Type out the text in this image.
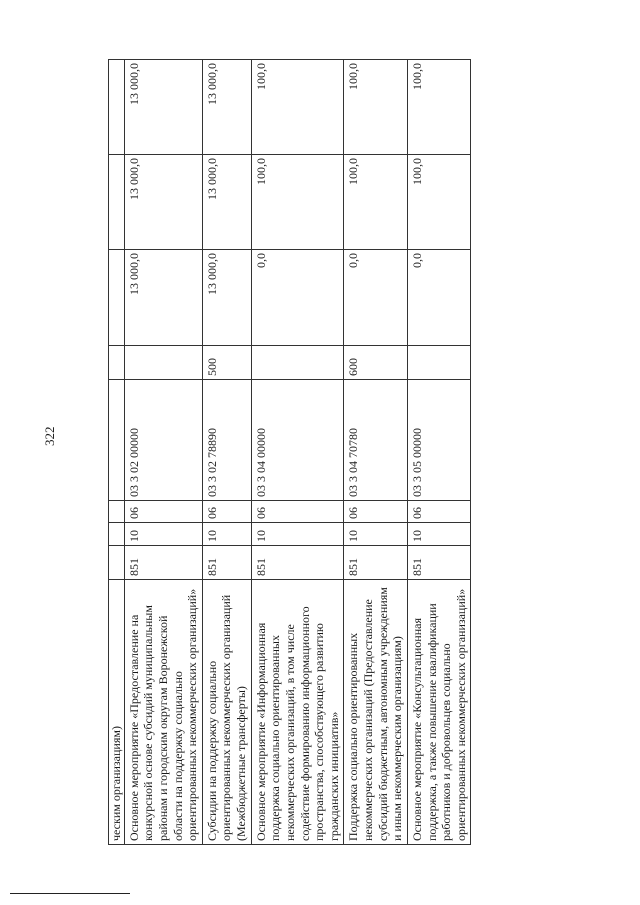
322
ческим организациям)								
Основное мероприятие «Предоставление на конкурсной основе субсидий муниципальным районам и городским округам Воронежской области на поддержку социально ориентированных некоммерческих организаций»	851	10	06	03 3 02 00000		13 000,0	13 000,0	13 000,0
Субсидии на поддержку социально ориентированных некоммерческих организаций (Межбюджетные трансферты)	851	10	06	03 3 02 78890	500	13 000,0	13 000,0	13 000,0
Основное мероприятие «Информационная поддержка социально ориентированных некоммерческих организаций, в том числе содействие формированию информационного пространства, способствующего развитию гражданских инициатив»	851	10	06	03 3 04 00000		0,0	100,0	100,0
Поддержка социально ориентированных некоммерческих организаций (Предоставление субсидий бюджетным, автономным учреждениям и иным некоммерческим организациям)	851	10	06	03 3 04 70780	600	0,0	100,0	100,0
Основное мероприятие «Консультационная поддержка, а также повышение квалификации работников и добровольцев социально ориентированных некоммерческих организаций»	851	10	06	03 3 05 00000		0,0	100,0	100,0
